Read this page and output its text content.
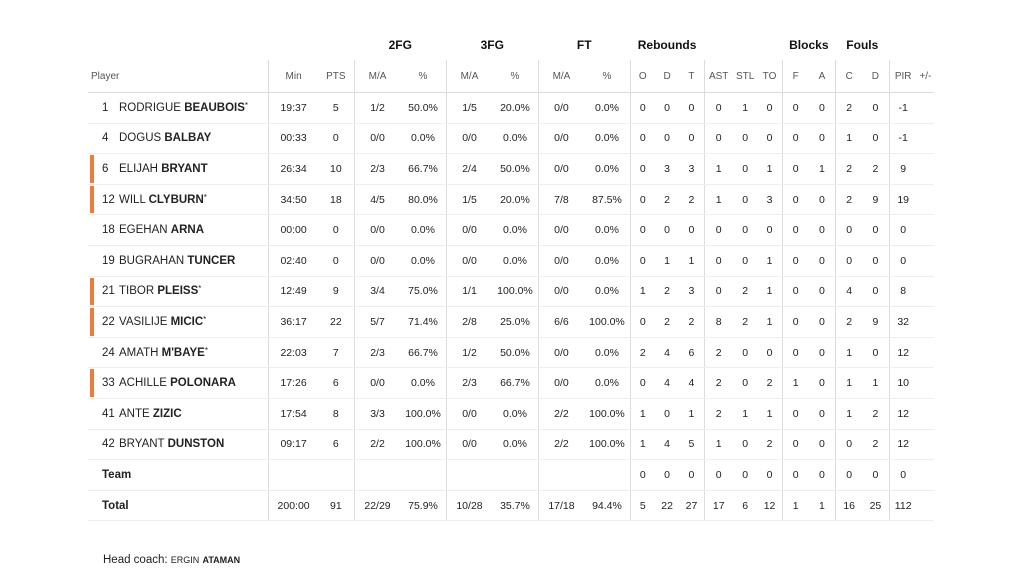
			2FG		3FG		FT		Rebounds						Blocks		Fouls			
Player	Min	PTS	M/A	%	M/A	%	M/A	%	O	D	T	AST	STL	TO	F	A	C	D	PIR	+/-
1 RODRIGUE BEAUBOIS*	19:37	5	1/2	50.0%	1/5	20.0%	0/0	0.0%	0	0	0	0	1	0	0	0	2	0	-1	
4 DOGUS BALBAY	00:33	0	0/0	0.0%	0/0	0.0%	0/0	0.0%	0	0	0	0	0	0	0	0	1	0	-1	

6 ELIJAH BRYANT	26:34	10	2/3	66.7%	2/4	50.0%	0/0	0.0%	0	3	3	1	0	1	0	1	2	2	9	

12 WILL CLYBURN*	34:50	18	4/5	80.0%	1/5	20.0%	7/8	87.5%	0	2	2	1	0	3	0	0	2	9	19	
18 EGEHAN ARNA	00:00	0	0/0	0.0%	0/0	0.0%	0/0	0.0%	0	0	0	0	0	0	0	0	0	0	0	
19 BUGRAHAN TUNCER	02:40	0	0/0	0.0%	0/0	0.0%	0/0	0.0%	0	1	1	0	0	1	0	0	0	0	0	

21 TIBOR PLEISS*	12:49	9	3/4	75.0%	1/1	100.0%	0/0	0.0%	1	2	3	0	2	1	0	0	4	0	8	

22 VASILIJE MICIC*	36:17	22	5/7	71.4%	2/8	25.0%	6/6	100.0%	0	2	2	8	2	1	0	0	2	9	32	
24 AMATH M'BAYE*	22:03	7	2/3	66.7%	1/2	50.0%	0/0	0.0%	2	4	6	2	0	0	0	0	1	0	12	

33 ACHILLE POLONARA	17:26	6	0/0	0.0%	2/3	66.7%	0/0	0.0%	0	4	4	2	0	2	1	0	1	1	10	
41 ANTE ZIZIC	17:54	8	3/3	100.0%	0/0	0.0%	2/2	100.0%	1	0	1	2	1	1	0	0	1	2	12	
42 BRYANT DUNSTON	09:17	6	2/2	100.0%	0/0	0.0%	2/2	100.0%	1	4	5	1	0	2	0	0	0	2	12	
Team									0	0	0	0	0	0	0	0	0	0	0	
Total	200:00	91	22/29	75.9%	10/28	35.7%	17/18	94.4%	5	22	27	17	6	12	1	1	16	25	112	
Head coach: ERGIN ATAMAN
